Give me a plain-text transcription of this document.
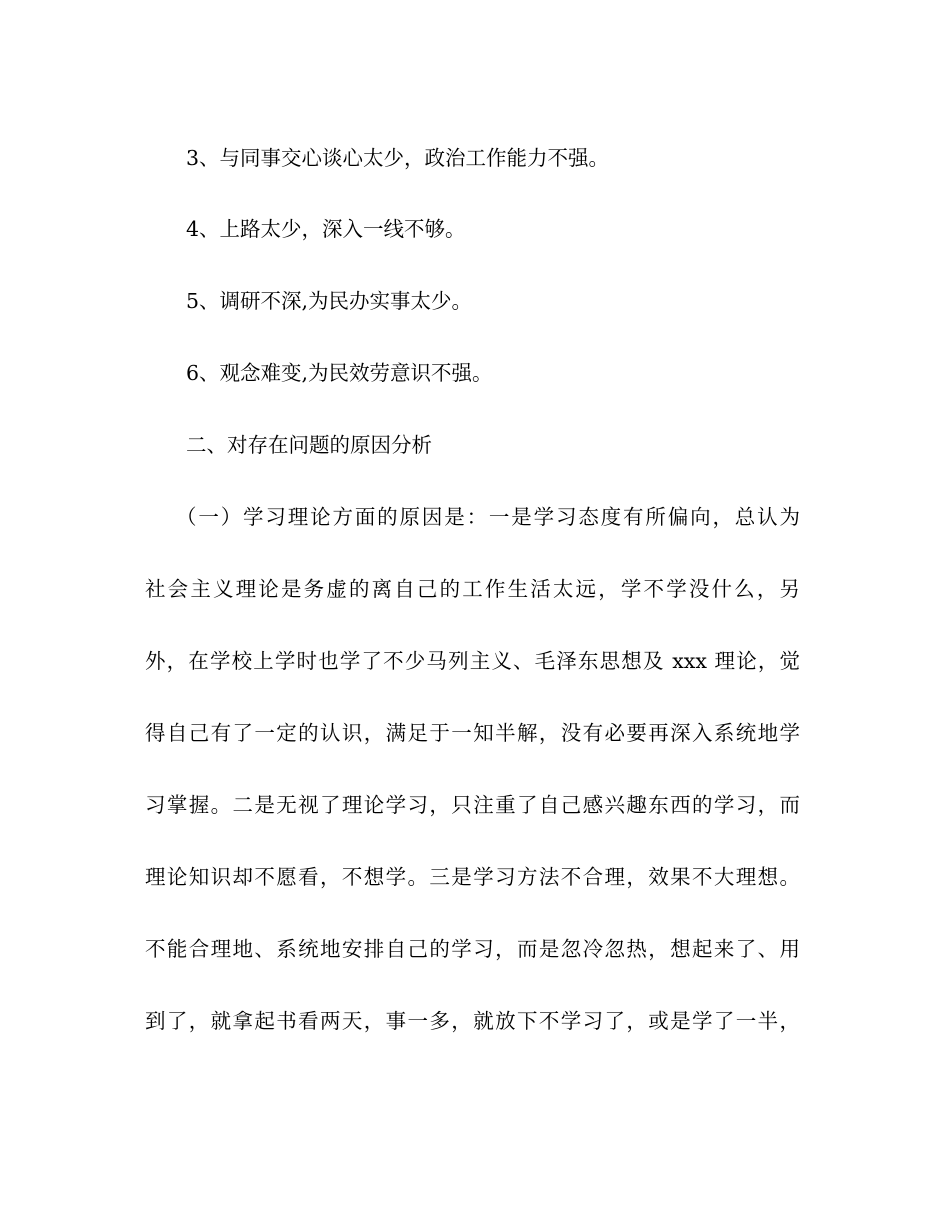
3、与同事交心谈心太少，政治工作能力不强。
4、上路太少，深入一线不够。
5、调研不深,为民办实事太少。
6、观念难变,为民效劳意识不强。
二、对存在问题的原因分析
（一）学习理论方面的原因是：一是学习态度有所偏向，总认为
社会主义理论是务虚的离自己的工作生活太远，学不学没什么，另
外，在学校上学时也学了不少马列主义、毛泽东思想及 xxx 理论，觉
得自己有了一定的认识，满足于一知半解，没有必要再深入系统地学
习掌握。二是无视了理论学习，只注重了自己感兴趣东西的学习，而
理论知识却不愿看，不想学。三是学习方法不合理，效果不大理想。
不能合理地、系统地安排自己的学习，而是忽冷忽热，想起来了、用
到了，就拿起书看两天，事一多，就放下不学习了，或是学了一半，
